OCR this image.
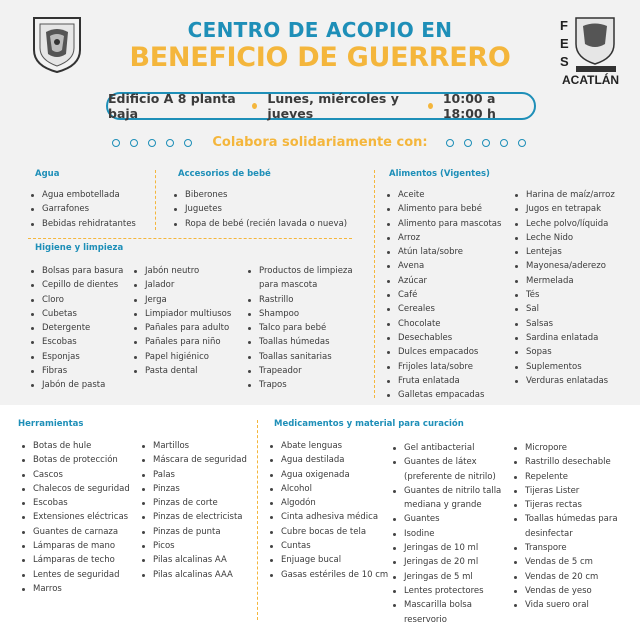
F
E
S
ACATLÁN
CENTRO DE ACOPIO EN
BENEFICIO DE GUERRERO
Edificio A 8 planta baja
Lunes, miércoles y jueves
10:00 a 18:00 h
Colabora solidariamente con:
Agua
Agua embotellada
Garrafones
Bebidas rehidratantes
Accesorios de bebé
Biberones
Juguetes
Ropa de bebé (recién lavada o nueva)
Higiene y limpieza
Bolsas para basura
Cepillo de dientes
Cloro
Cubetas
Detergente
Escobas
Esponjas
Fibras
Jabón de pasta
Jabón neutro
Jalador
Jerga
Limpiador multiusos
Pañales para adulto
Pañales para niño
Papel higiénico
Pasta dental
Productos de limpieza para mascota
Rastrillo
Shampoo
Talco para bebé
Toallas húmedas
Toallas sanitarias
Trapeador
Trapos
Alimentos (Vigentes)
Aceite
Alimento para bebé
Alimento para mascotas
Arroz
Atún lata/sobre
Avena
Azúcar
Café
Cereales
Chocolate
Desechables
Dulces empacados
Frijoles lata/sobre
Fruta enlatada
Galletas empacadas
Harina de maíz/arroz
Jugos en tetrapak
Leche polvo/líquida
Leche Nido
Lentejas
Mayonesa/aderezo
Mermelada
Tés
Sal
Salsas
Sardina enlatada
Sopas
Suplementos
Verduras enlatadas
Herramientas
Botas de hule
Botas de protección
Cascos
Chalecos de seguridad
Escobas
Extensiones eléctricas
Guantes de carnaza
Lámparas de mano
Lámparas de techo
Lentes de seguridad
Marros
Martillos
Máscara de seguridad
Palas
Pinzas
Pinzas de corte
Pinzas de electricista
Pinzas de punta
Picos
Pilas alcalinas AA
Pilas alcalinas AAA
Medicamentos y material para curación
Abate lenguas
Agua destilada
Agua oxigenada
Alcohol
Algodón
Cinta adhesiva médica
Cubre bocas de tela
Cuntas
Enjuage bucal
Gasas estériles de 10 cm
Gel antibacterial
Guantes de látex (preferente de nitrilo)
Guantes de nitrilo talla mediana y grande
Guantes
Isodine
Jeringas de 10 ml
Jeringas de 20 ml
Jeringas de 5 ml
Lentes protectores
Mascarilla bolsa reservorio
Micropore
Rastrillo desechable
Repelente
Tijeras Lister
Tijeras rectas
Toallas húmedas para desinfectar
Transpore
Vendas de 5 cm
Vendas de 20 cm
Vendas de yeso
Vida suero oral
